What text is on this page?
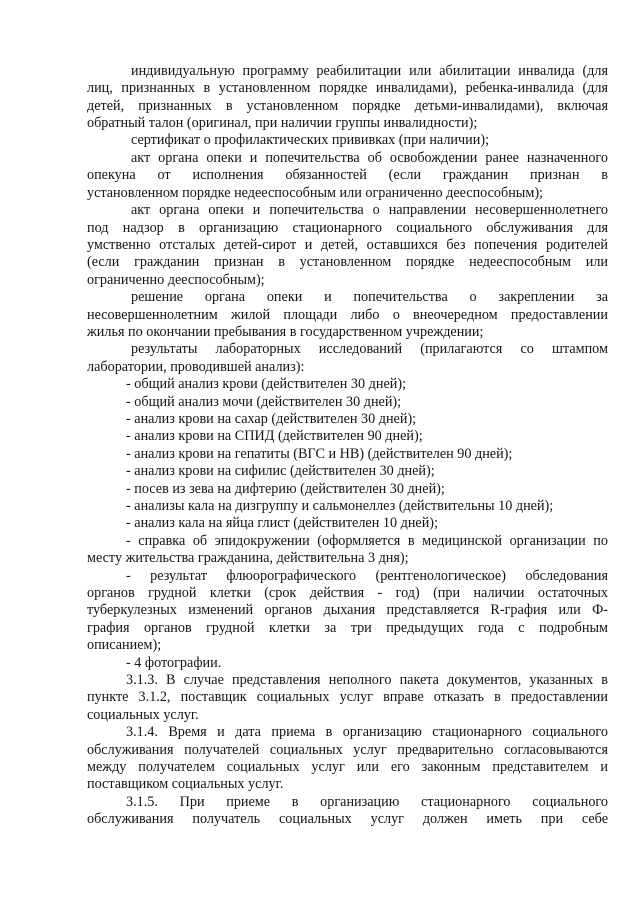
индивидуальную программу реабилитации или абилитации инвалида (для
лиц, признанных в установленном порядке инвалидами), ребенка-инвалида (для
детей, признанных в установленном порядке детьми-инвалидами), включая
обратный талон (оригинал, при наличии группы инвалидности);
сертификат о профилактических прививках (при наличии);
акт органа опеки и попечительства об освобождении ранее назначенного
опекуна от исполнения обязанностей (если гражданин признан в
установленном порядке недееспособным или ограниченно дееспособным);
акт органа опеки и попечительства о направлении несовершеннолетнего
под надзор в организацию стационарного социального обслуживания для
умственно отсталых детей-сирот и детей, оставшихся без попечения родителей
(если гражданин признан в установленном порядке недееспособным или
ограниченно дееспособным);
решение органа опеки и попечительства о закреплении за
несовершеннолетним жилой площади либо о внеочередном предоставлении
жилья по окончании пребывания в государственном учреждении;
результаты лабораторных исследований (прилагаются со штампом
лаборатории, проводившей анализ):
- общий анализ крови (действителен 30 дней);
- общий анализ мочи (действителен 30 дней);
- анализ крови на сахар (действителен 30 дней);
- анализ крови на СПИД (действителен 90 дней);
- анализ крови на гепатиты (ВГС и НВ) (действителен 90 дней);
- анализ крови на сифилис (действителен 30 дней);
- посев из зева на дифтерию (действителен 30 дней);
- анализы кала на дизгруппу и сальмонеллез (действительны 10 дней);
- анализ кала на яйца глист (действителен 10 дней);
- справка об эпидокружении (оформляется в медицинской организации по
месту жительства гражданина, действительна 3 дня);
- результат флюорографического (рентгенологическое) обследования
органов грудной клетки (срок действия - год) (при наличии остаточных
туберкулезных изменений органов дыхания представляется R-графия или Ф-
графия органов грудной клетки за три предыдущих года с подробным
описанием);
- 4 фотографии.
3.1.3. В случае представления неполного пакета документов, указанных в
пункте 3.1.2, поставщик социальных услуг вправе отказать в предоставлении
социальных услуг.
3.1.4. Время и дата приема в организацию стационарного социального
обслуживания получателей социальных услуг предварительно согласовываются
между получателем социальных услуг или его законным представителем и
поставщиком социальных услуг.
3.1.5. При приеме в организацию стационарного социального
обслуживания получатель социальных услуг должен иметь при себе
